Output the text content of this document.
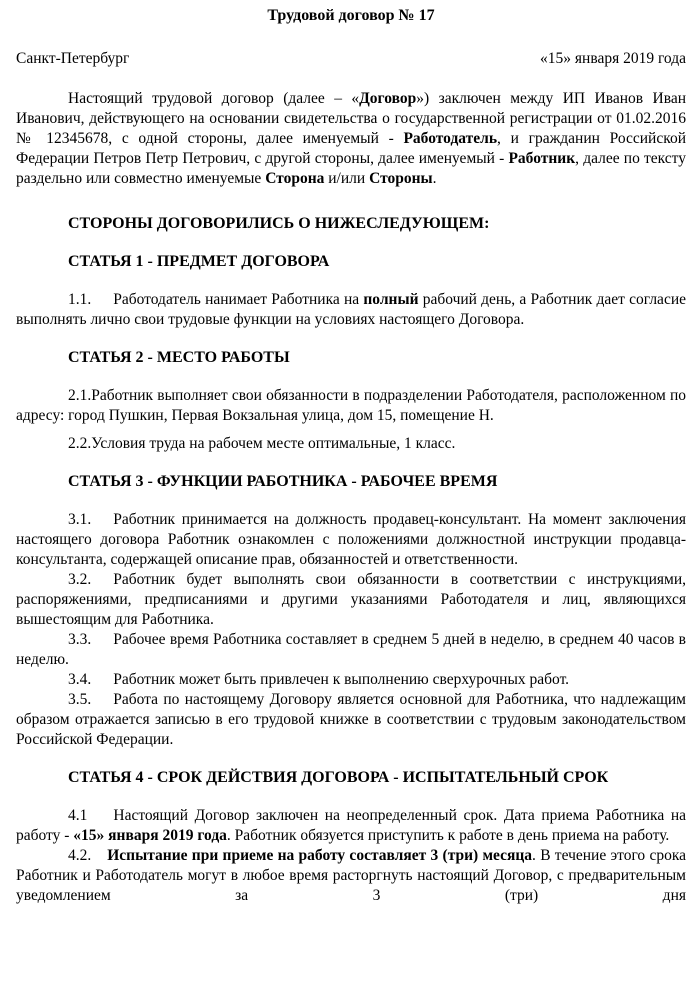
Трудовой договор № 17
Санкт-Петербург	«15» января 2019 года

Настоящий трудовой договор (далее – «Договор») заключен между ИП Иванов Иван Иванович, действующего на основании свидетельства о государственной регистрации от 01.02.2016 № 12345678, с одной стороны, далее именуемый - Работодатель, и гражданин Российской Федерации Петров Петр Петрович, с другой стороны, далее именуемый - Работник, далее по тексту раздельно или совместно именуемые Сторона и/или Стороны.

СТОРОНЫ ДОГОВОРИЛИСЬ О НИЖЕСЛЕДУЮЩЕМ:
СТАТЬЯ 1 - ПРЕДМЕТ ДОГОВОРА

1.1. Работодатель нанимает Работника на полный рабочий день, а Работник дает согласие выполнять лично свои трудовые функции на условиях настоящего Договора.

СТАТЬЯ 2 - МЕСТО РАБОТЫ

2.1.Работник выполняет свои обязанности в подразделении Работодателя, расположенном по адресу: город Пушкин, Первая Вокзальная улица, дом 15, помещение Н.

2.2.Условия труда на рабочем месте оптимальные, 1 класс.

СТАТЬЯ 3 - ФУНКЦИИ РАБОТНИКА - РАБОЧЕЕ ВРЕМЯ

3.1. Работник принимается на должность продавец-консультант. На момент заключения настоящего договора Работник ознакомлен с положениями должностной инструкции продавца-консультанта, содержащей описание прав, обязанностей и ответственности.

3.2. Работник будет выполнять свои обязанности в соответствии с инструкциями, распоряжениями, предписаниями и другими указаниями Работодателя и лиц, являющихся вышестоящим для Работника.

3.3. Рабочее время Работника составляет в среднем 5 дней в неделю, в среднем 40 часов в неделю.

3.4. Работник может быть привлечен к выполнению сверхурочных работ.

3.5. Работа по настоящему Договору является основной для Работника, что надлежащим образом отражается записью в его трудовой книжке в соответствии с трудовым законодательством Российской Федерации.

СТАТЬЯ 4 - СРОК ДЕЙСТВИЯ ДОГОВОРА - ИСПЫТАТЕЛЬНЫЙ СРОК

4.1 Настоящий Договор заключен на неопределенный срок. Дата приема Работника на работу - «15» января 2019 года. Работник обязуется приступить к работе в день приема на работу.

4.2. Испытание при приеме на работу составляет 3 (три) месяца. В течение этого срока Работник и Работодатель могут в любое время расторгнуть настоящий Договор, с предварительным уведомлением за 3 (три) дня
